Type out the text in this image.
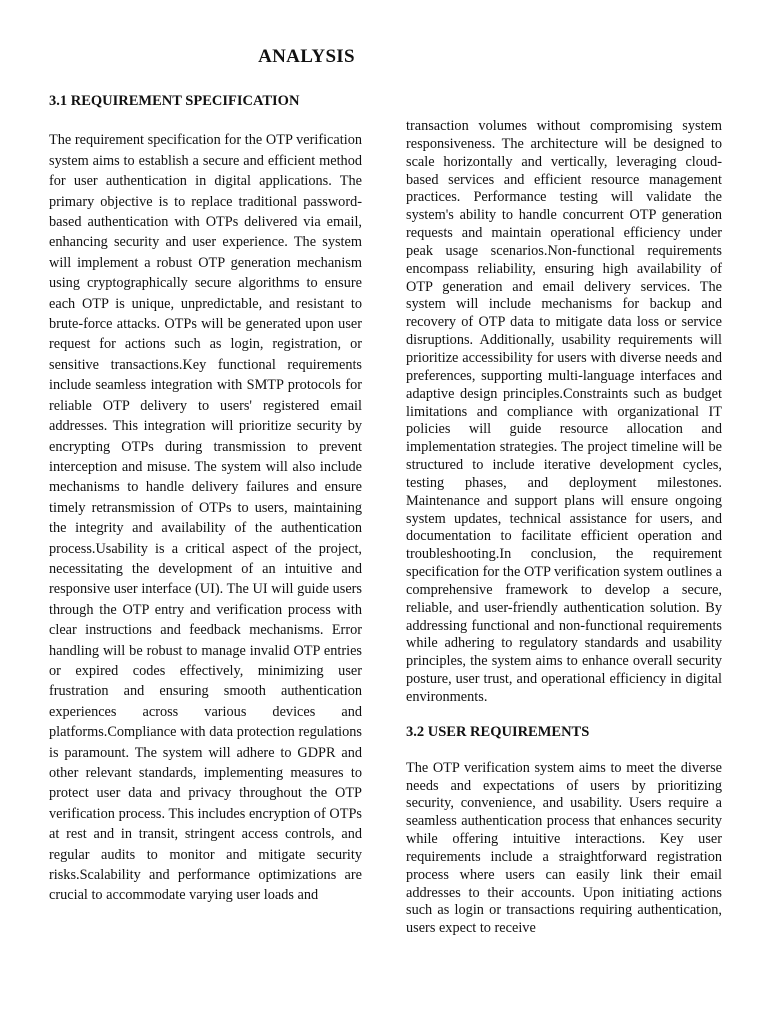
ANALYSIS
3.1 REQUIREMENT SPECIFICATION

The requirement specification for the OTP verification system aims to establish a secure and efficient method for user authentication in digital applications. The primary objective is to replace traditional password-based authentication with OTPs delivered via email, enhancing security and user experience. The system will implement a robust OTP generation mechanism using cryptographically secure algorithms to ensure each OTP is unique, unpredictable, and resistant to brute-force attacks. OTPs will be generated upon user request for actions such as login, registration, or sensitive transactions.Key functional requirements include seamless integration with SMTP protocols for reliable OTP delivery to users' registered email addresses. This integration will prioritize security by encrypting OTPs during transmission to prevent interception and misuse. The system will also include mechanisms to handle delivery failures and ensure timely retransmission of OTPs to users, maintaining the integrity and availability of the authentication process.Usability is a critical aspect of the project, necessitating the development of an intuitive and responsive user interface (UI). The UI will guide users through the OTP entry and verification process with clear instructions and feedback mechanisms. Error handling will be robust to manage invalid OTP entries or expired codes effectively, minimizing user frustration and ensuring smooth authentication experiences across various devices and platforms.Compliance with data protection regulations is paramount. The system will adhere to GDPR and other relevant standards, implementing measures to protect user data and privacy throughout the OTP verification process. This includes encryption of OTPs at rest and in transit, stringent access controls, and regular audits to monitor and mitigate security risks.Scalability and performance optimizations are crucial to accommodate varying user loads and

transaction volumes without compromising system responsiveness. The architecture will be designed to scale horizontally and vertically, leveraging cloud-based services and efficient resource management practices. Performance testing will validate the system's ability to handle concurrent OTP generation requests and maintain operational efficiency under peak usage scenarios.Non-functional requirements encompass reliability, ensuring high availability of OTP generation and email delivery services. The system will include mechanisms for backup and recovery of OTP data to mitigate data loss or service disruptions. Additionally, usability requirements will prioritize accessibility for users with diverse needs and preferences, supporting multi-language interfaces and adaptive design principles.Constraints such as budget limitations and compliance with organizational IT policies will guide resource allocation and implementation strategies. The project timeline will be structured to include iterative development cycles, testing phases, and deployment milestones. Maintenance and support plans will ensure ongoing system updates, technical assistance for users, and documentation to facilitate efficient operation and troubleshooting.In conclusion, the requirement specification for the OTP verification system outlines a comprehensive framework to develop a secure, reliable, and user-friendly authentication solution. By addressing functional and non-functional requirements while adhering to regulatory standards and usability principles, the system aims to enhance overall security posture, user trust, and operational efficiency in digital environments.

3.2 USER REQUIREMENTS

The OTP verification system aims to meet the diverse needs and expectations of users by prioritizing security, convenience, and usability. Users require a seamless authentication process that enhances security while offering intuitive interactions. Key user requirements include a straightforward registration process where users can easily link their email addresses to their accounts. Upon initiating actions such as login or transactions requiring authentication, users expect to receive
